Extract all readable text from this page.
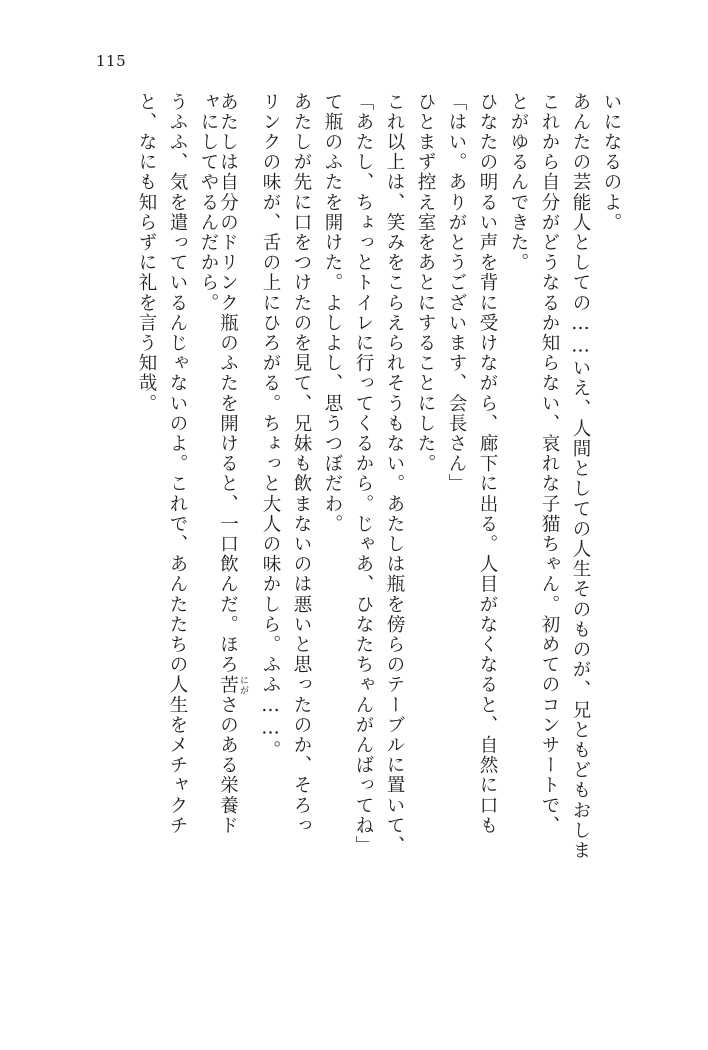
115
と、なにも知らずに礼を言う知哉。 うふふ、気を遣っているんじゃないのよ。これで、あんたたちの人生をメチャクチ ャにしてやるんだから。
あたしは自分のドリンク瓶のふたを開けると、一口飲んだ。ほろ苦 にがさのある栄養ド
リンクの味が、舌の上にひろがる。ちょっと大人の味かしら。ふふ……。 あたしが先に口をつけたのを見て、兄妹も飲まないのは悪いと思ったのか、そろっ て瓶のふたを開けた。よしよし、思うつぼだわ。 「あたし、ちょっとトイレに行ってくるから。じゃあ、ひなたちゃんがんばってね」 これ以上は、笑みをこらえられそうもない。あたしは瓶を傍らのテーブルに置いて、 ひとまず控え室をあとにすることにした。 「はい。ありがとうございます、会長さん」 ひなたの明るい声を背に受けながら、廊下に出る。人目がなくなると、自然に口も とがゆるんできた。 これから自分がどうなるか知らない、哀れな子猫ちゃん。初めてのコンサートで、 あんたの芸能人としての……いえ、人間としての人生そのものが、兄ともどもおしま いになるのよ。
